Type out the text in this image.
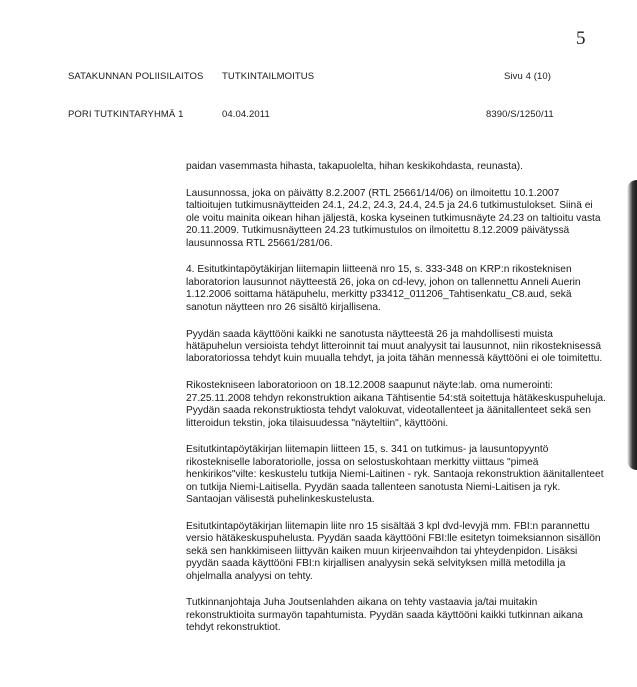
5
SATAKUNNAN POLIISILAITOS TUTKINTAILMOITUS	Sivu 4 (10)
PORI TUTKINTARYHMÄ 1	04.04.2011	8390/S/1250/11

paidan vasemmasta hihasta, takapuolelta, hihan keskikohdasta, reunasta).

Lausunnossa, joka on päivätty 8.2.2007 (RTL 25661/14/06) on ilmoitettu 10.1.2007 taltioitujen tutkimusnäytteiden 24.1, 24.2, 24.3, 24.4, 24.5 ja 24.6 tutkimustulokset. Siinä ei ole voitu mainita oikean hihan jäljestä, koska kyseinen tutkimusnäyte 24.23 on taltioitu vasta 20.11.2009. Tutkimusnäytteen 24.23 tutkimustulos on ilmoitettu 8.12.2009 päivätyssä lausunnossa RTL 25661/281/06.

4. Esitutkintapöytäkirjan liitemapin liitteenä nro 15, s. 333-348 on KRP:n rikosteknisen laboratorion lausunnot näytteestä 26, joka on cd-levy, johon on tallennettu Anneli Auerin 1.12.2006 soittama hätäpuhelu, merkitty p33412_011206_Tahtisenkatu_C8.aud, sekä sanotun näytteen nro 26 sisältö kirjallisena.

Pyydän saada käyttööni kaikki ne sanotusta näytteestä 26 ja mahdollisesti muista hätäpuhelun versioista tehdyt litteroinnit tai muut analyysit tai lausunnot, niin rikosteknisessä laboratoriossa tehdyt kuin muualla tehdyt, ja joita tähän mennessä käyttööni ei ole toimitettu.

Rikostekniseen laboratorioon on 18.12.2008 saapunut näyte:lab. oma numerointi: 27.25.11.2008 tehdyn rekonstruktion aikana Tähtisentie 54:stä soitettuja hätäkeskuspuheluja. Pyydän saada rekonstruktiosta tehdyt valokuvat, videotallenteet ja äänitallenteet sekä sen litteroidun tekstin, joka tilaisuudessa "näyteltiin", käyttööni.

Esitutkintapöytäkirjan liitemapin liitteen 15, s. 341 on tutkimus- ja lausuntopyyntö rikostekniselle laboratoriolle, jossa on selostuskohtaan merkitty viittaus "pimeä henkirikos"vilte: keskustelu tutkija Niemi-Laitinen - ryk. Santaoja rekonstruktion äänitallenteet on tutkija Niemi-Laitisella. Pyydän saada tallenteen sanotusta Niemi-Laitisen ja ryk. Santaojan välisestä puhelinkeskustelusta.

Esitutkintapöytäkirjan liitemapin liite nro 15 sisältää 3 kpl dvd-levyjä mm. FBI:n parannettu versio hätäkeskuspuhelusta. Pyydän saada käyttööni FBI:lle esitetyn toimeksiannon sisällön sekä sen hankkimiseen liittyvän kaiken muun kirjeenvaihdon tai yhteydenpidon. Lisäksi pyydän saada käyttööni FBI:n kirjallisen analyysin sekä selvityksen millä metodilla ja ohjelmalla analyysi on tehty.

Tutkinnanjohtaja Juha Joutsenlahden aikana on tehty vastaavia ja/tai muitakin rekonstruktioita surmayön tapahtumista. Pyydän saada käyttööni kaikki tutkinnan aikana tehdyt rekonstruktiot.
